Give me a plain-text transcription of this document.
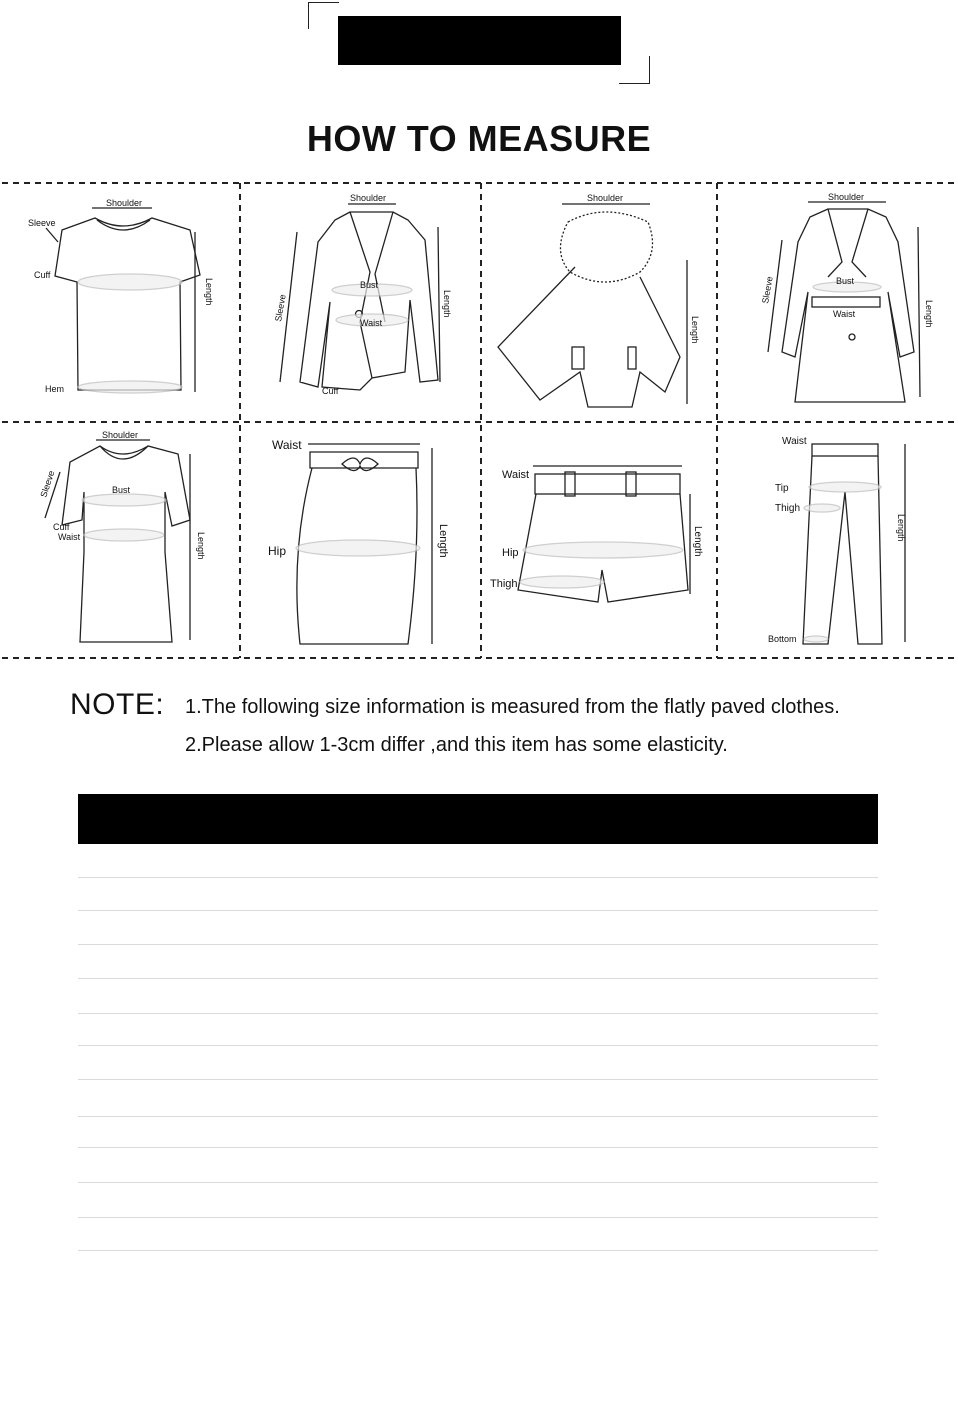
HOW TO MEASURE
Shoulder
Sleeve
Cuff
Hem
Length
Shoulder
Sleeve
Bust
Waist
Cuff
Length
Shoulder
Length
Shoulder
Sleeve	Bust
Waist	Length
Shoulder
Sleeve	Bust
Cuff
Waist	Length
Waist
Hip	Length
Waist
Hip
Thigh
Length
Waist
Tip
Thigh
Bottom
Length
NOTE: 1.The following size information is measured from the flatly paved clothes.
2.Please allow 1-3cm differ ,and this item has some elasticity.
